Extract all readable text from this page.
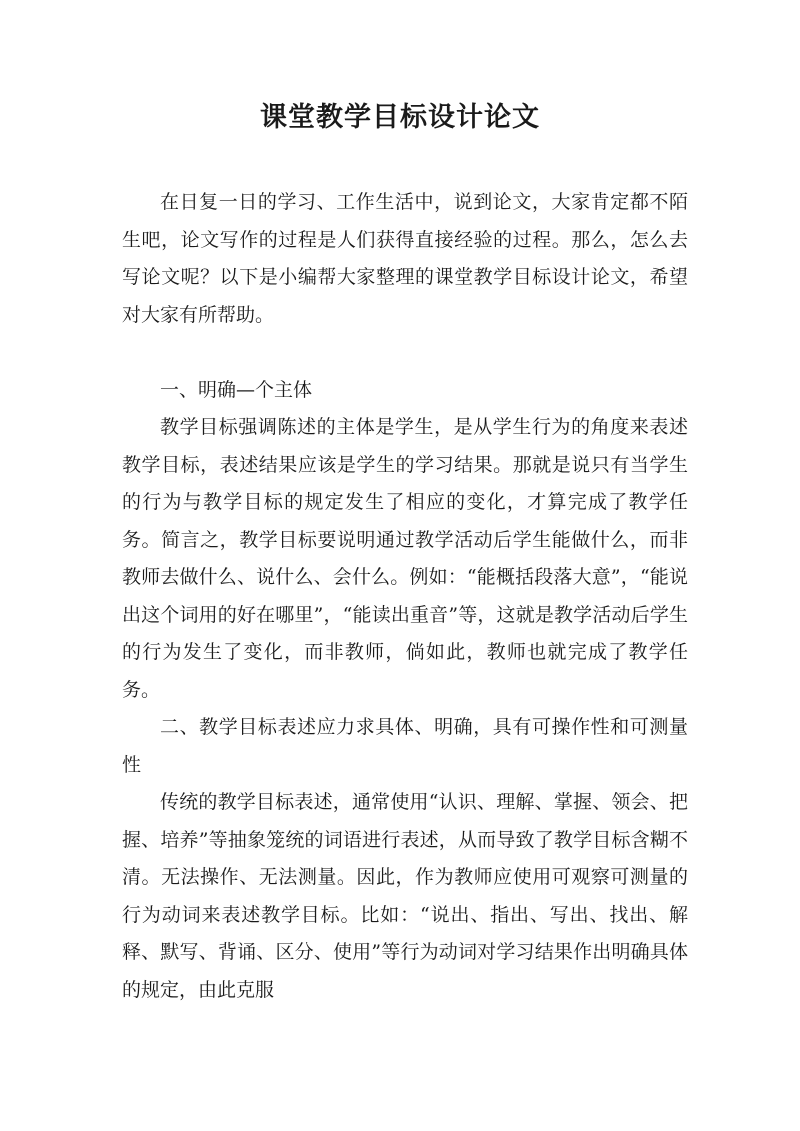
课堂教学目标设计论文

在日复一日的学习、工作生活中，说到论文，大家肯定都不陌生吧，论文写作的过程是人们获得直接经验的过程。那么，怎么去写论文呢？以下是小编帮大家整理的课堂教学目标设计论文，希望对大家有所帮助。

一、明确—个主体

教学目标强调陈述的主体是学生，是从学生行为的角度来表述教学目标，表述结果应该是学生的学习结果。那就是说只有当学生的行为与教学目标的规定发生了相应的变化，才算完成了教学任务。简言之，教学目标要说明通过教学活动后学生能做什么，而非教师去做什么、说什么、会什么。例如：“能概括段落大意”，“能说出这个词用的好在哪里”，“能读出重音”等，这就是教学活动后学生的行为发生了变化，而非教师，倘如此，教师也就完成了教学任务。

二、教学目标表述应力求具体、明确，具有可操作性和可测量性

传统的教学目标表述，通常使用“认识、理解、掌握、领会、把握、培养”等抽象笼统的词语进行表述，从而导致了教学目标含糊不清。无法操作、无法测量。因此，作为教师应使用可观察可测量的行为动词来表述教学目标。比如：“说出、指出、写出、找出、解释、默写、背诵、区分、使用”等行为动词对学习结果作出明确具体的规定，由此克服
